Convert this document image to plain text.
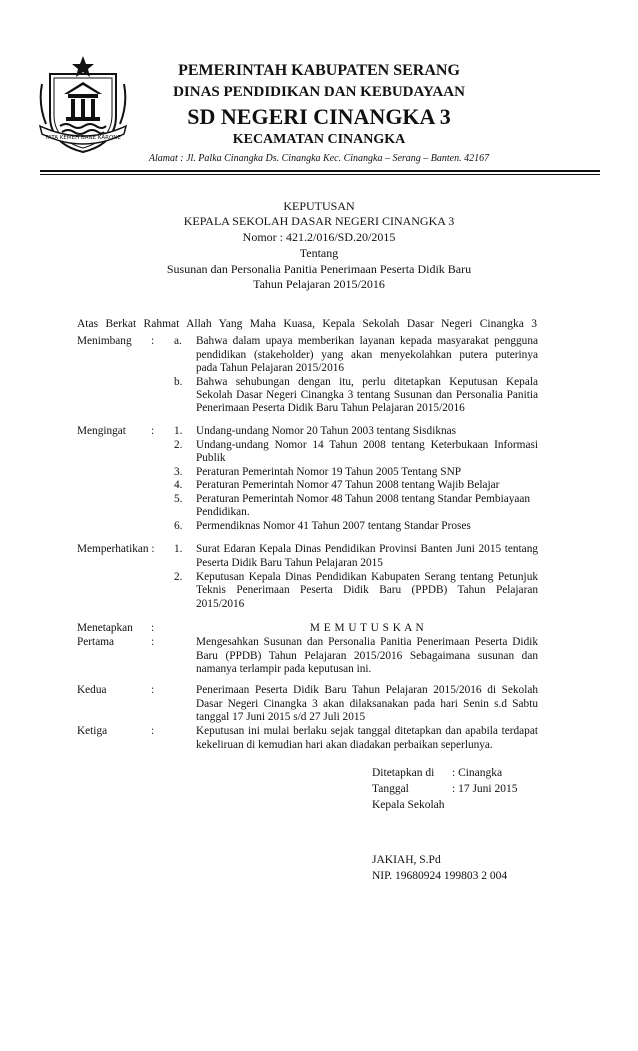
TATA KEMEH BANE KARONE
PEMERINTAH KABUPATEN SERANG
DINAS PENDIDIKAN DAN KEBUDAYAAN
SD NEGERI CINANGKA 3
KECAMATAN CINANGKA
Alamat : Jl. Palka Cinangka Ds. Cinangka Kec. Cinangka – Serang – Banten. 42167
KEPUTUSAN
KEPALA SEKOLAH DASAR NEGERI CINANGKA 3
Nomor : 421.2/016/SD.20/2015
Tentang
Susunan dan Personalia Panitia Penerimaan Peserta Didik Baru
Tahun Pelajaran 2015/2016
Atas Berkat Rahmat Allah Yang Maha Kuasa, Kepala Sekolah Dasar Negeri Cinangka 3
Menimbang : a. Bahwa dalam upaya memberikan layanan kepada masyarakat pengguna
pendidikan (stakeholder) yang akan menyekolahkan putera puterinya
pada Tahun Pelajaran 2015/2016
b. Bahwa sehubungan dengan itu, perlu ditetapkan Keputusan Kepala
Sekolah Dasar Negeri Cinangka 3 tentang Susunan dan Personalia Panitia
Penerimaan Peserta Didik Baru Tahun Pelajaran 2015/2016
Mengingat : 1. Undang-undang Nomor 20 Tahun 2003 tentang Sisdiknas
2. Undang-undang Nomor 14 Tahun 2008 tentang Keterbukaan Informasi
Publik
3. Peraturan Pemerintah Nomor 19 Tahun 2005 Tentang SNP
4. Peraturan Pemerintah Nomor 47 Tahun 2008 tentang Wajib Belajar
5. Peraturan Pemerintah Nomor 48 Tahun 2008 tentang Standar Pembiayaan
Pendidikan.
6. Permendiknas Nomor 41 Tahun 2007 tentang Standar Proses
Memperhatikan : 1. Surat Edaran Kepala Dinas Pendidikan Provinsi Banten Juni 2015 tentang
Peserta Didik Baru Tahun Pelajaran 2015
2. Keputusan Kepala Dinas Pendidikan Kabupaten Serang tentang Petunjuk
Teknis Penerimaan Peserta Didik Baru (PPDB) Tahun Pelajaran
2015/2016
Menetapkan :	M E M U T U S K A N
Pertama	:	Mengesahkan Susunan dan Personalia Panitia Penerimaan Peserta Didik
Baru (PPDB) Tahun Pelajaran 2015/2016 Sebagaimana susunan dan
namanya terlampir pada keputusan ini.
Kedua	:	Penerimaan Peserta Didik Baru Tahun Pelajaran 2015/2016 di Sekolah
Dasar Negeri Cinangka 3 akan dilaksanakan pada hari Senin s.d Sabtu
tanggal 17 Juni 2015 s/d 27 Juli 2015
Ketiga	:	Keputusan ini mulai berlaku sejak tanggal ditetapkan dan apabila terdapat
kekeliruan di kemudian hari akan diadakan perbaikan seperlunya.
Ditetapkan di : Cinangka
Tanggal	: 17 Juni 2015
Kepala Sekolah
JAKIAH, S.Pd
NIP. 19680924 199803 2 004
